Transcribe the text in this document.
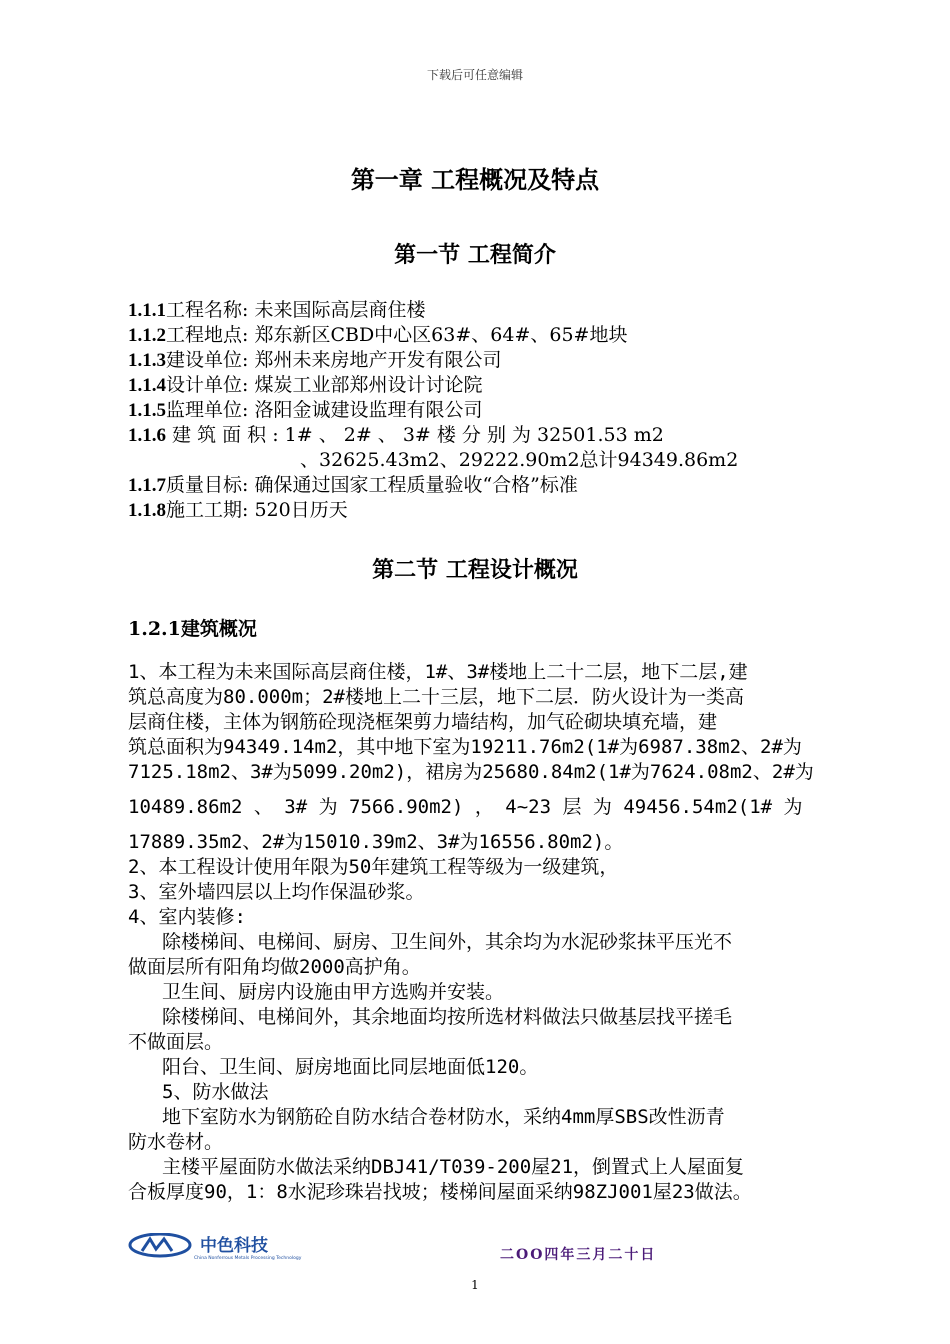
下载后可任意编辑
第一章 工程概况及特点
第一节 工程简介
1.1.1工程名称: 未来国际高层商住楼
1.1.2工程地点: 郑东新区CBD中心区63#、64#、65#地块
1.1.3建设单位: 郑州未来房地产开发有限公司
1.1.4设计单位: 煤炭工业部郑州设计讨论院
1.1.5监理单位: 洛阳金诚建设监理有限公司
1.1.6 建 筑 面 积 : 1# 、 2# 、 3# 楼 分 别 为 32501.53 m2
、32625.43m2、29222.90m2总计94349.86m2
1.1.7质量目标: 确保通过国家工程质量验收“合格”标准
1.1.8施工工期: 520日历天
第二节 工程设计概况
1.2.1建筑概况

1、本工程为未来国际高层商住楼，1#、3#楼地上二十二层，地下二层,建

筑总高度为80.000m；2#楼地上二十三层，地下二层．防火设计为一类高

层商住楼，主体为钢筋砼现浇框架剪力墙结构，加气砼砌块填充墙，建

筑总面积为94349.14m2，其中地下室为19211.76m2(1#为6987.38m2、2#为

7125.18m2、3#为5099.20m2)，裙房为25680.84m2(1#为7624.08m2、2#为

10489.86m2 、 3# 为 7566.90m2) ， 4~23 层 为 49456.54m2(1# 为

17889.35m2、2#为15010.39m2、3#为16556.80m2)。

2、本工程设计使用年限为50年建筑工程等级为一级建筑，

3、室外墙四层以上均作保温砂浆。

4、室内装修:

除楼梯间、电梯间、厨房、卫生间外，其余均为水泥砂浆抹平压光不

做面层所有阳角均做2000高护角。

卫生间、厨房内设施由甲方选购并安装。

除楼梯间、电梯间外，其余地面均按所选材料做法只做基层找平搓毛

不做面层。

阳台、卫生间、厨房地面比同层地面低120。

5、防水做法

地下室防水为钢筋砼自防水结合卷材防水，采纳4mm厚SBS改性沥青

防水卷材。

主楼平屋面防水做法采纳DBJ41/T039-200屋21，倒置式上人屋面复

合板厚度90，1：8水泥珍珠岩找坡；楼梯间屋面采纳98ZJ001屋23做法。

中色科技
China Nonferrous Metals Processing Technology	二OO四年三月二十日
1
